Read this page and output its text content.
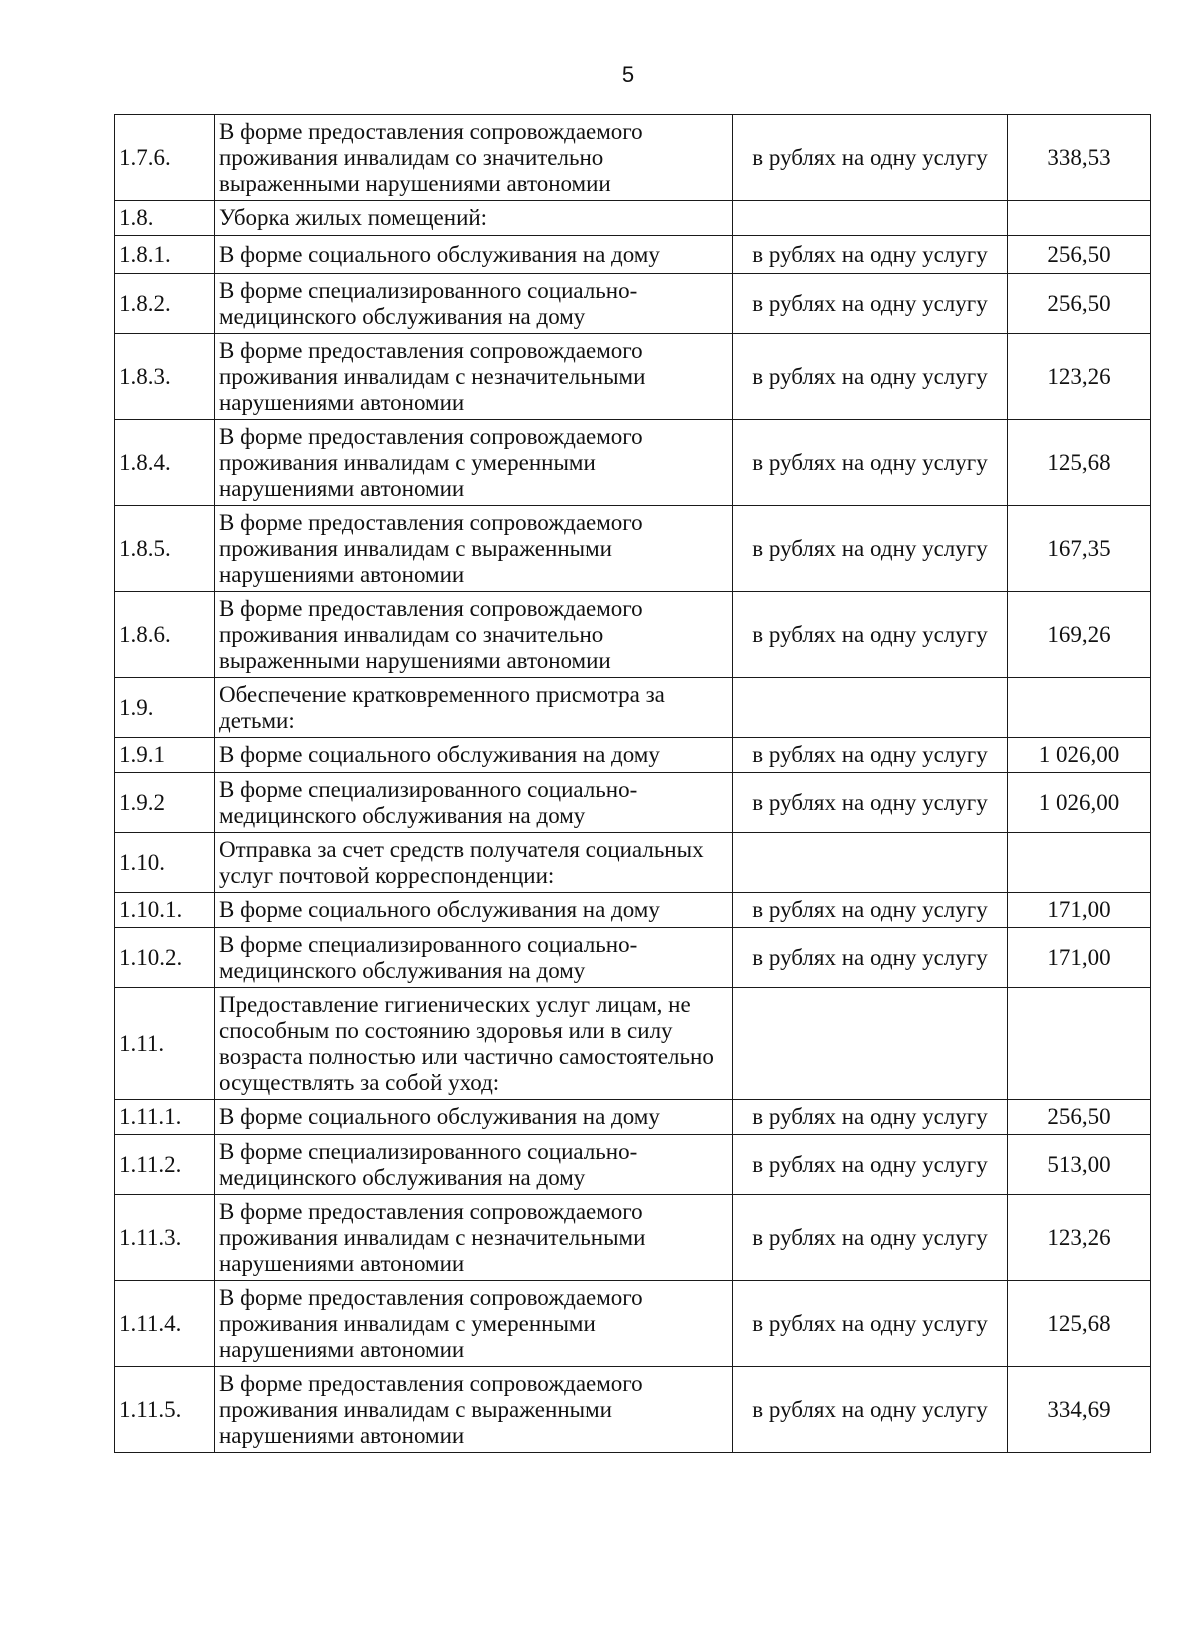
5
1.7.6.	В форме предоставления сопровождаемого проживания инвалидам со значительно выраженными нарушениями автономии	в рублях на одну услугу	338,53
1.8.	Уборка жилых помещений:		
1.8.1.	В форме социального обслуживания на дому	в рублях на одну услугу	256,50
1.8.2.	В форме специализированного социально-медицинского обслуживания на дому	в рублях на одну услугу	256,50
1.8.3.	В форме предоставления сопровождаемого проживания инвалидам с незначительными нарушениями автономии	в рублях на одну услугу	123,26
1.8.4.	В форме предоставления сопровождаемого проживания инвалидам с умеренными нарушениями автономии	в рублях на одну услугу	125,68
1.8.5.	В форме предоставления сопровождаемого проживания инвалидам с выраженными нарушениями автономии	в рублях на одну услугу	167,35
1.8.6.	В форме предоставления сопровождаемого проживания инвалидам со значительно выраженными нарушениями автономии	в рублях на одну услугу	169,26
1.9.	Обеспечение кратковременного присмотра за детьми:		
1.9.1	В форме социального обслуживания на дому	в рублях на одну услугу	1 026,00
1.9.2	В форме специализированного социально-медицинского обслуживания на дому	в рублях на одну услугу	1 026,00
1.10.	Отправка за счет средств получателя социальных услуг почтовой корреспонденции:		
1.10.1.	В форме социального обслуживания на дому	в рублях на одну услугу	171,00
1.10.2.	В форме специализированного социально-медицинского обслуживания на дому	в рублях на одну услугу	171,00
1.11.	Предоставление гигиенических услуг лицам, не способным по состоянию здоровья или в силу возраста полностью или частично самостоятельно осуществлять за собой уход:		
1.11.1.	В форме социального обслуживания на дому	в рублях на одну услугу	256,50
1.11.2.	В форме специализированного социально-медицинского обслуживания на дому	в рублях на одну услугу	513,00
1.11.3.	В форме предоставления сопровождаемого проживания инвалидам с незначительными нарушениями автономии	в рублях на одну услугу	123,26
1.11.4.	В форме предоставления сопровождаемого проживания инвалидам с умеренными нарушениями автономии	в рублях на одну услугу	125,68
1.11.5.	В форме предоставления сопровождаемого проживания инвалидам с выраженными нарушениями автономии	в рублях на одну услугу	334,69
